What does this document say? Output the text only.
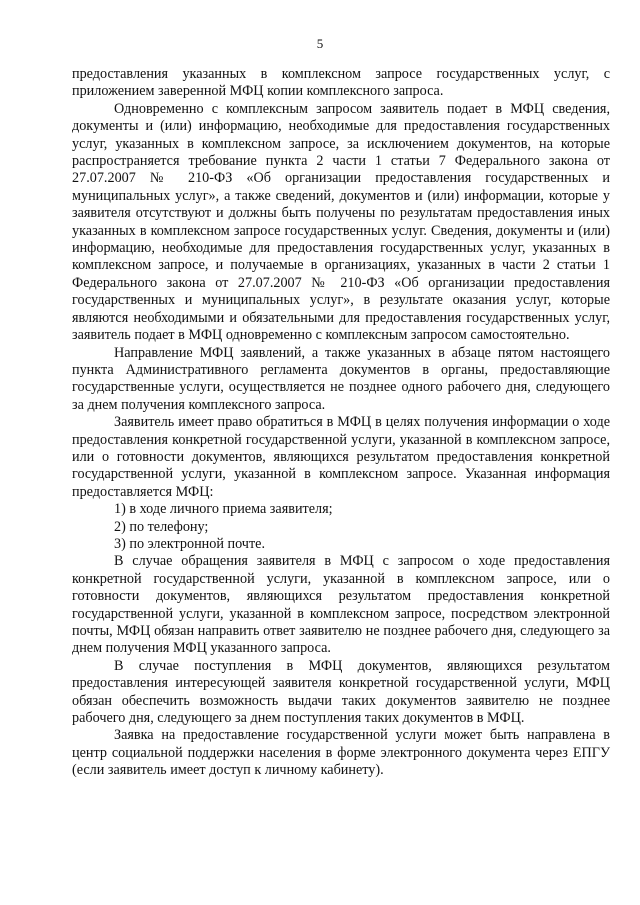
5

предоставления указанных в комплексном запросе государственных услуг, с приложением заверенной МФЦ копии комплексного запроса.

Одновременно с комплексным запросом заявитель подает в МФЦ сведения, документы и (или) информацию, необходимые для предоставления государственных услуг, указанных в комплексном запросе, за исключением документов, на которые распространяется требование пункта 2 части 1 статьи 7 Федерального закона от 27.07.2007 № 210-ФЗ «Об организации предоставления государственных и муниципальных услуг», а также сведений, документов и (или) информации, которые у заявителя отсутствуют и должны быть получены по результатам предоставления иных указанных в комплексном запросе государственных услуг. Сведения, документы и (или) информацию, необходимые для предоставления государственных услуг, указанных в комплексном запросе, и получаемые в организациях, указанных в части 2 статьи 1 Федерального закона от 27.07.2007 № 210-ФЗ «Об организации предоставления государственных и муниципальных услуг», в результате оказания услуг, которые являются необходимыми и обязательными для предоставления государственных услуг, заявитель подает в МФЦ одновременно с комплексным запросом самостоятельно.

Направление МФЦ заявлений, а также указанных в абзаце пятом настоящего пункта Административного регламента документов в органы, предоставляющие государственные услуги, осуществляется не позднее одного рабочего дня, следующего за днем получения комплексного запроса.

Заявитель имеет право обратиться в МФЦ в целях получения информации о ходе предоставления конкретной государственной услуги, указанной в комплексном запросе, или о готовности документов, являющихся результатом предоставления конкретной государственной услуги, указанной в комплексном запросе. Указанная информация предоставляется МФЦ:

1) в ходе личного приема заявителя;

2) по телефону;

3) по электронной почте.

В случае обращения заявителя в МФЦ с запросом о ходе предоставления конкретной государственной услуги, указанной в комплексном запросе, или о готовности документов, являющихся результатом предоставления конкретной государственной услуги, указанной в комплексном запросе, посредством электронной почты, МФЦ обязан направить ответ заявителю не позднее рабочего дня, следующего за днем получения МФЦ указанного запроса.

В случае поступления в МФЦ документов, являющихся результатом предоставления интересующей заявителя конкретной государственной услуги, МФЦ обязан обеспечить возможность выдачи таких документов заявителю не позднее рабочего дня, следующего за днем поступления таких документов в МФЦ.

Заявка на предоставление государственной услуги может быть направлена в центр социальной поддержки населения в форме электронного документа через ЕПГУ (если заявитель имеет доступ к личному кабинету).
